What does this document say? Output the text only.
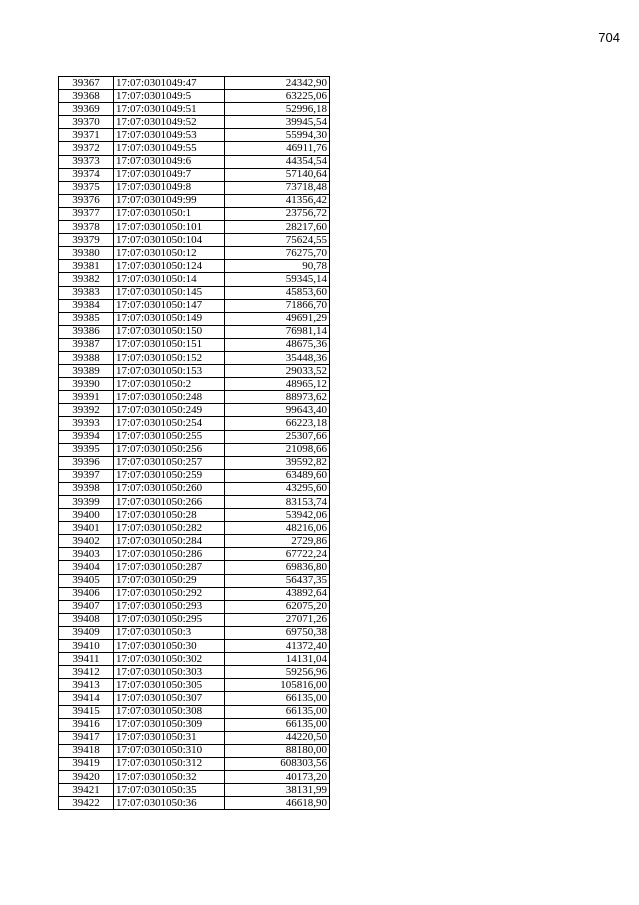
704
39367	17:07:0301049:47	24342,90
39368	17:07:0301049:5	63225,06
39369	17:07:0301049:51	52996,18
39370	17:07:0301049:52	39945,54
39371	17:07:0301049:53	55994,30
39372	17:07:0301049:55	46911,76
39373	17:07:0301049:6	44354,54
39374	17:07:0301049:7	57140,64
39375	17:07:0301049:8	73718,48
39376	17:07:0301049:99	41356,42
39377	17:07:0301050:1	23756,72
39378	17:07:0301050:101	28217,60
39379	17:07:0301050:104	75624,55
39380	17:07:0301050:12	76275,70
39381	17:07:0301050:124	90,78
39382	17:07:0301050:14	59345,14
39383	17:07:0301050:145	45853,60
39384	17:07:0301050:147	71866,70
39385	17:07:0301050:149	49691,29
39386	17:07:0301050:150	76981,14
39387	17:07:0301050:151	48675,36
39388	17:07:0301050:152	35448,36
39389	17:07:0301050:153	29033,52
39390	17:07:0301050:2	48965,12
39391	17:07:0301050:248	88973,62
39392	17:07:0301050:249	99643,40
39393	17:07:0301050:254	66223,18
39394	17:07:0301050:255	25307,66
39395	17:07:0301050:256	21098,66
39396	17:07:0301050:257	39592,82
39397	17:07:0301050:259	63489,60
39398	17:07:0301050:260	43295,60
39399	17:07:0301050:266	83153,74
39400	17:07:0301050:28	53942,06
39401	17:07:0301050:282	48216,06
39402	17:07:0301050:284	2729,86
39403	17:07:0301050:286	67722,24
39404	17:07:0301050:287	69836,80
39405	17:07:0301050:29	56437,35
39406	17:07:0301050:292	43892,64
39407	17:07:0301050:293	62075,20
39408	17:07:0301050:295	27071,26
39409	17:07:0301050:3	69750,38
39410	17:07:0301050:30	41372,40
39411	17:07:0301050:302	14131,04
39412	17:07:0301050:303	59256,96
39413	17:07:0301050:305	105816,00
39414	17:07:0301050:307	66135,00
39415	17:07:0301050:308	66135,00
39416	17:07:0301050:309	66135,00
39417	17:07:0301050:31	44220,50
39418	17:07:0301050:310	88180,00
39419	17:07:0301050:312	608303,56
39420	17:07:0301050:32	40173,20
39421	17:07:0301050:35	38131,99
39422	17:07:0301050:36	46618,90
